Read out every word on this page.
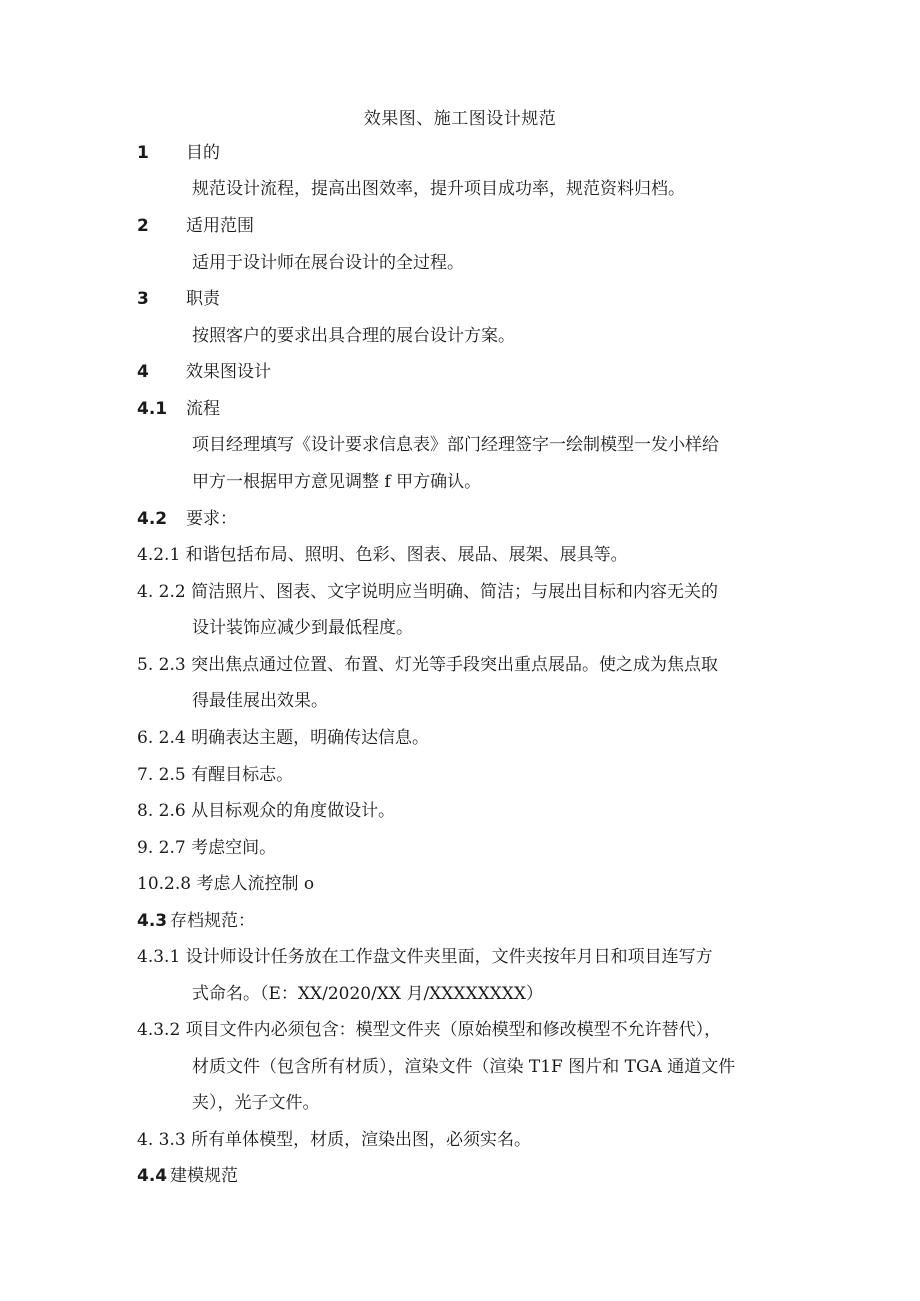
效果图、施工图设计规范
1 目的
规范设计流程，提高出图效率，提升项目成功率，规范资料归档。
2 适用范围
适用于设计师在展台设计的全过程。
3 职责
按照客户的要求出具合理的展台设计方案。
4 效果图设计
4.1 流程
项目经理填写《设计要求信息表》部门经理签字一绘制模型一发小样给
甲方一根据甲方意见调整 f 甲方确认。
4.2 要求：
4.2.1 和谐包括布局、照明、色彩、图表、展品、展架、展具等。
4. 2.2 简洁照片、图表、文字说明应当明确、简洁；与展出目标和内容无关的
设计装饰应减少到最低程度。
5. 2.3 突出焦点通过位置、布置、灯光等手段突出重点展品。使之成为焦点取
得最佳展出效果。
6. 2.4 明确表达主题，明确传达信息。
7. 2.5 有醒目标志。
8. 2.6 从目标观众的角度做设计。
9. 2.7 考虑空间。
10.2.8 考虑人流控制 o
4.3 存档规范：
4.3.1 设计师设计任务放在工作盘文件夹里面，文件夹按年月日和项目连写方
式命名。（E：XX/2020/XX 月/XXXXXXXX）
4.3.2 项目文件内必须包含：模型文件夹（原始模型和修改模型不允许替代），
材质文件（包含所有材质），渲染文件（渲染 T1F 图片和 TGA 通道文件
夹），光子文件。
4. 3.3 所有单体模型，材质，渲染出图，必须实名。
4.4 建模规范
